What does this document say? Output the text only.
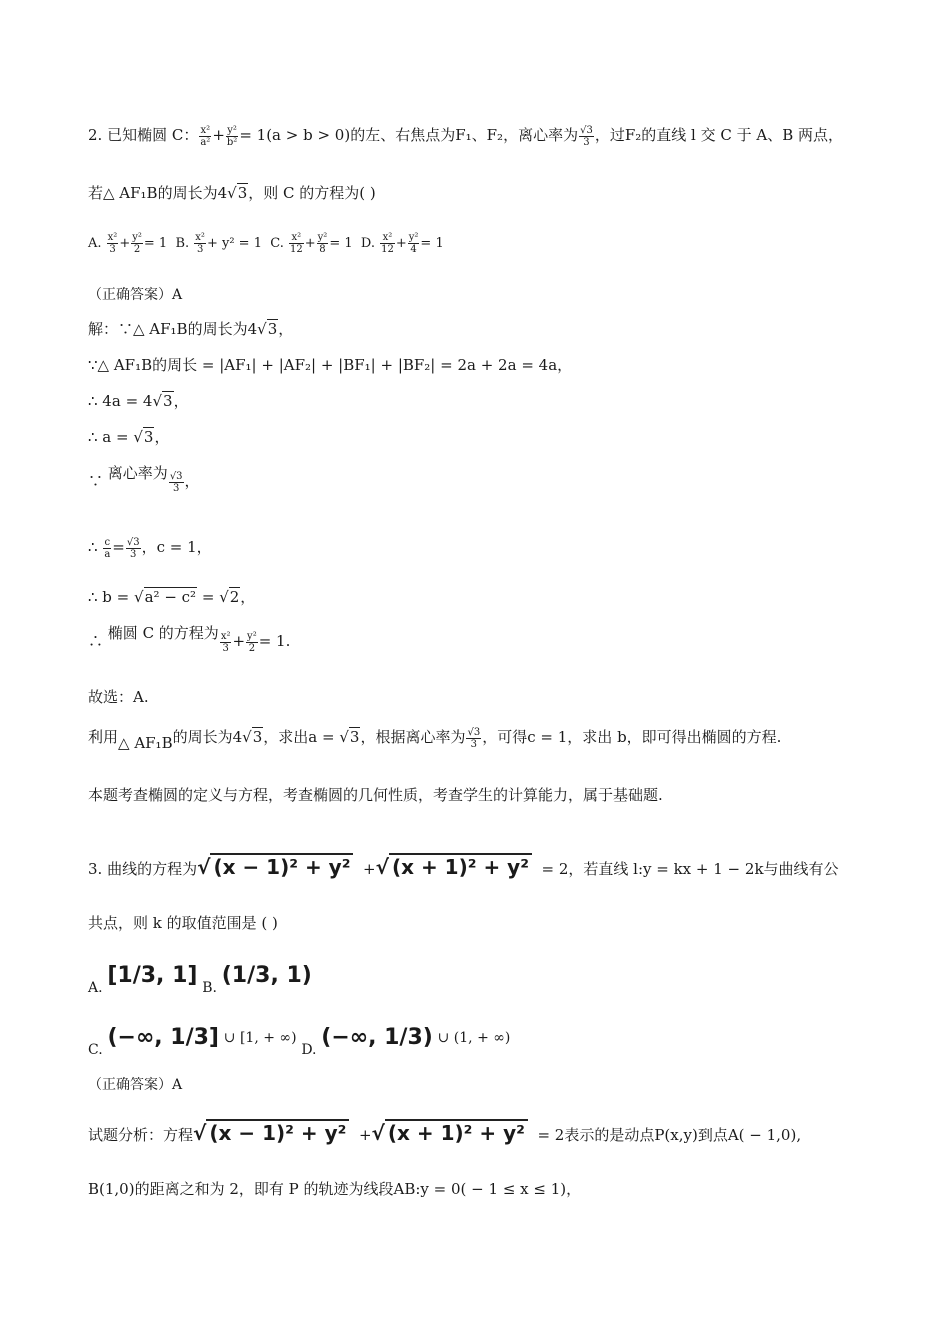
2. 已知椭圆 C： $\frac{\text{x²}}{\text{a²}} + \frac{\text{y²}}{\text{b²}} = 1(a > b > 0)$的左、右焦点为F₁、F₂，离心率为 $\frac{√3}{3}$ ，过F₂的直线 l 交 C 于 A、B 两点，
若△ AF₁B的周长为4√3，则 C 的方程为( )
A. $\frac{\text{x²}}{3} + \frac{\text{y²}}{2} = 1$ B. $\frac{\text{x²}}{3} + y^2 = 1$ C. $\frac{\text{x²}}{12} + \frac{\text{y²}}{8} = 1$ D. $\frac{\text{x²}}{12} + \frac{\text{y²}}{4} = 1$
（正确答案）A
解：∵△ AF₁B的周长为4√3，
∵△ AF₁B的周长 = |AF₁| + |AF₂| + |BF₁| + |BF₂| = 2a + 2a = 4a，
∴ 4a = 4√3，
∴ a = √3，
∵ 离心率为 $\frac{√3}{3}$ ，
∴ $\frac{c}{a} = \frac{√3}{3}$ ，c = 1，
∴ b = √a² − c² = √2，
∴ 椭圆 C 的方程为 $\frac{\text{x²}}{3} + \frac{\text{y²}}{2} = 1$.
故选：A.
利用△ AF₁B的周长为4√3，求出a = √3，根据离心率为 $\frac{√3}{3}$ ，可得c = 1，求出 b，即可得出椭圆的方程.
本题考查椭圆的定义与方程，考查椭圆的几何性质，考查学生的计算能力，属于基础题.
3. 曲线的方程为√ (x − 1)² + y² +√ (x + 1)² + y² = 2，若直线 l:y = kx + 1 − 2k与曲线有公
共点，则 k 的取值范围是 ( )
A. [1/3, 1] B. (1/3, 1)
C. (−∞, 1/3] ∪ [1, + ∞) D. (−∞, 1/3) ∪ (1, + ∞)
（正确答案）A
试题分析：方程√ (x − 1)² + y² +√ (x + 1)² + y² = 2表示的是动点P(x,y)到点A( − 1,0),
B(1,0)的距离之和为 2，即有 P 的轨迹为线段AB:y = 0( − 1 ≤ x ≤ 1)，
